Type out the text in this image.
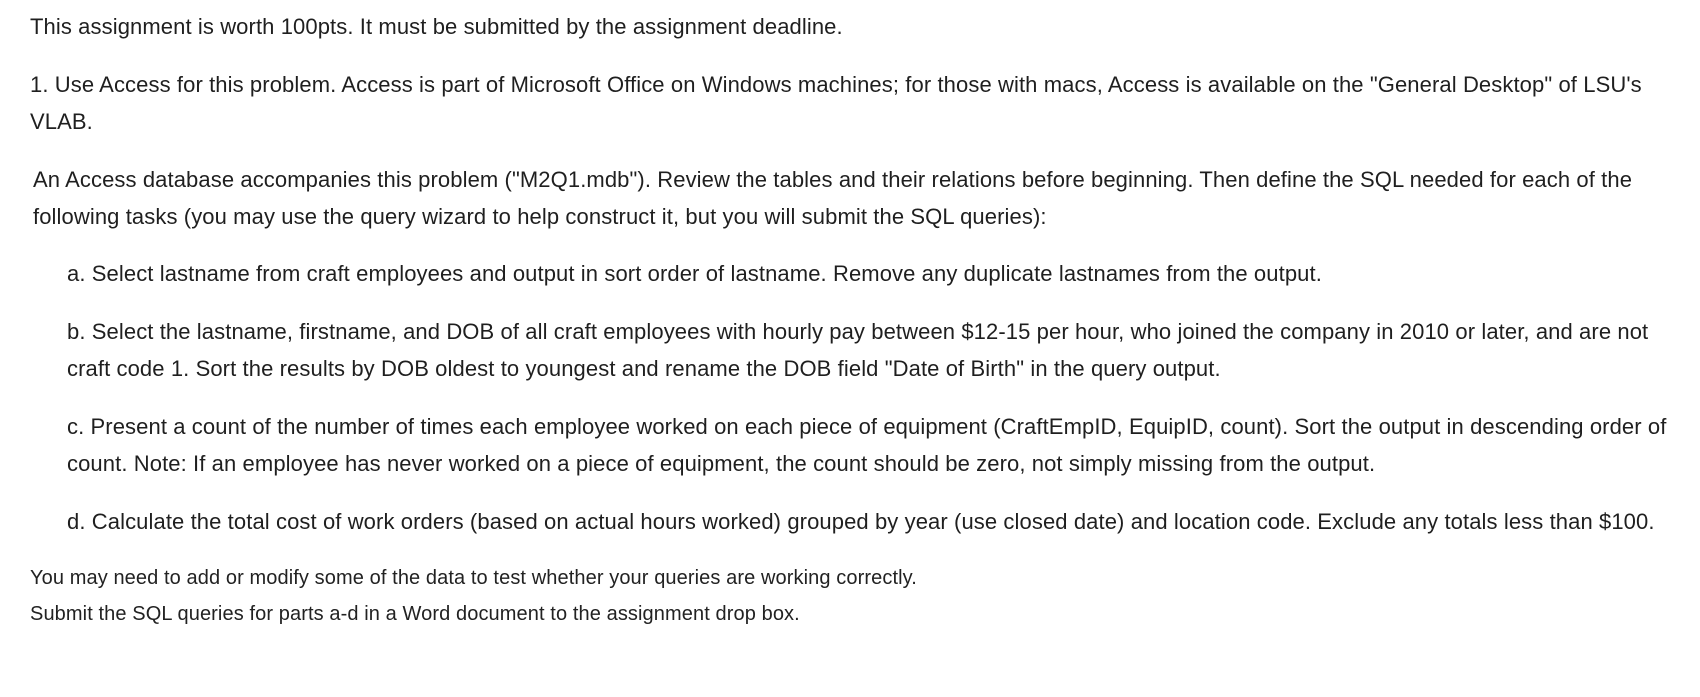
This assignment is worth 100pts. It must be submitted by the assignment deadline.

1. Use Access for this problem. Access is part of Microsoft Office on Windows machines; for those with macs, Access is available on the "General Desktop" of LSU's VLAB.

An Access database accompanies this problem ("M2Q1.mdb"). Review the tables and their relations before beginning. Then define the SQL needed for each of the following tasks (you may use the query wizard to help construct it, but you will submit the SQL queries):

a. Select lastname from craft employees and output in sort order of lastname. Remove any duplicate lastnames from the output.

b. Select the lastname, firstname, and DOB of all craft employees with hourly pay between $12-15 per hour, who joined the company in 2010 or later, and are not craft code 1. Sort the results by DOB oldest to youngest and rename the DOB field "Date of Birth" in the query output.

c. Present a count of the number of times each employee worked on each piece of equipment (CraftEmpID, EquipID, count). Sort the output in descending order of count. Note: If an employee has never worked on a piece of equipment, the count should be zero, not simply missing from the output.

d. Calculate the total cost of work orders (based on actual hours worked) grouped by year (use closed date) and location code. Exclude any totals less than $100.

You may need to add or modify some of the data to test whether your queries are working correctly.

Submit the SQL queries for parts a-d in a Word document to the assignment drop box.
